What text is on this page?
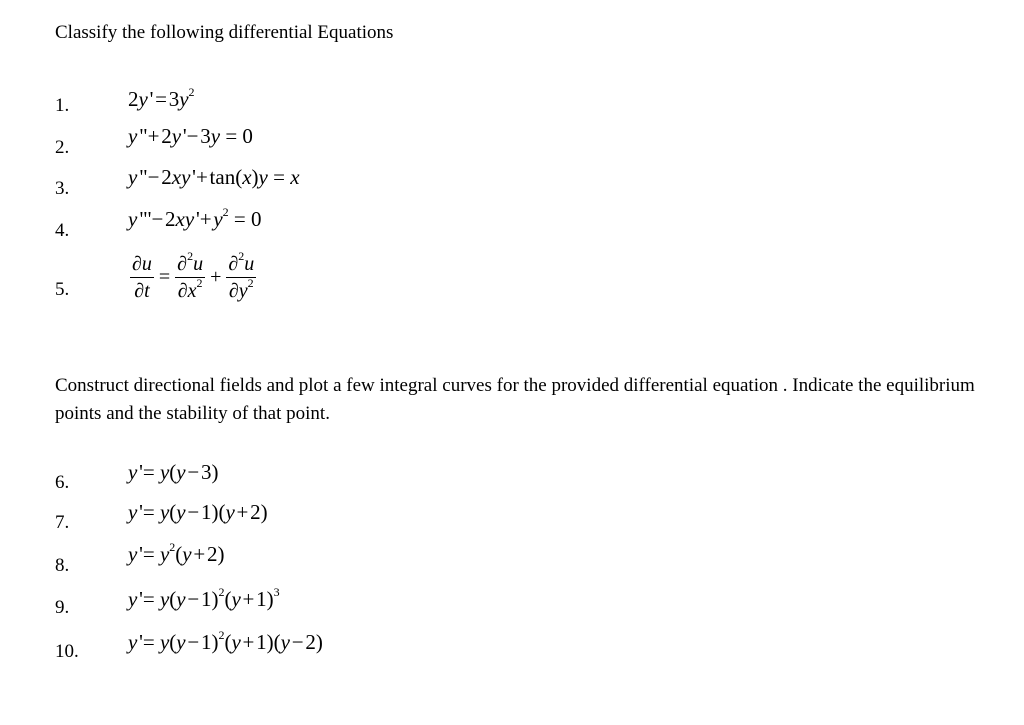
Classify the following differential Equations
1.	2y ' = $3y^2$
2.	y "+ 2y '− 3y = 0
3.	y "− 2xy '+ tan(x)y = x
4.	y "'− 2xy '+ $y^2 = 0$
5.	$\frac{\partial u}{\partial t} = \frac{\partial^2u}{\partial x^2} + \frac{\partial^2u}{\partial y^2}$
Construct directional fields and plot a few integral curves for the provided differential equation . Indicate the equilibrium points and the stability of that point.
6.	y '= y(y − 3)
7.	y '= y(y − 1)(y + 2)
8.	y '= $y^2(y$ + 2)
9.	y '= y(y − 1)$^2$(y + 1)$^3$
10. y '= y(y − 1)$^2$(y + 1)(y − 2)
